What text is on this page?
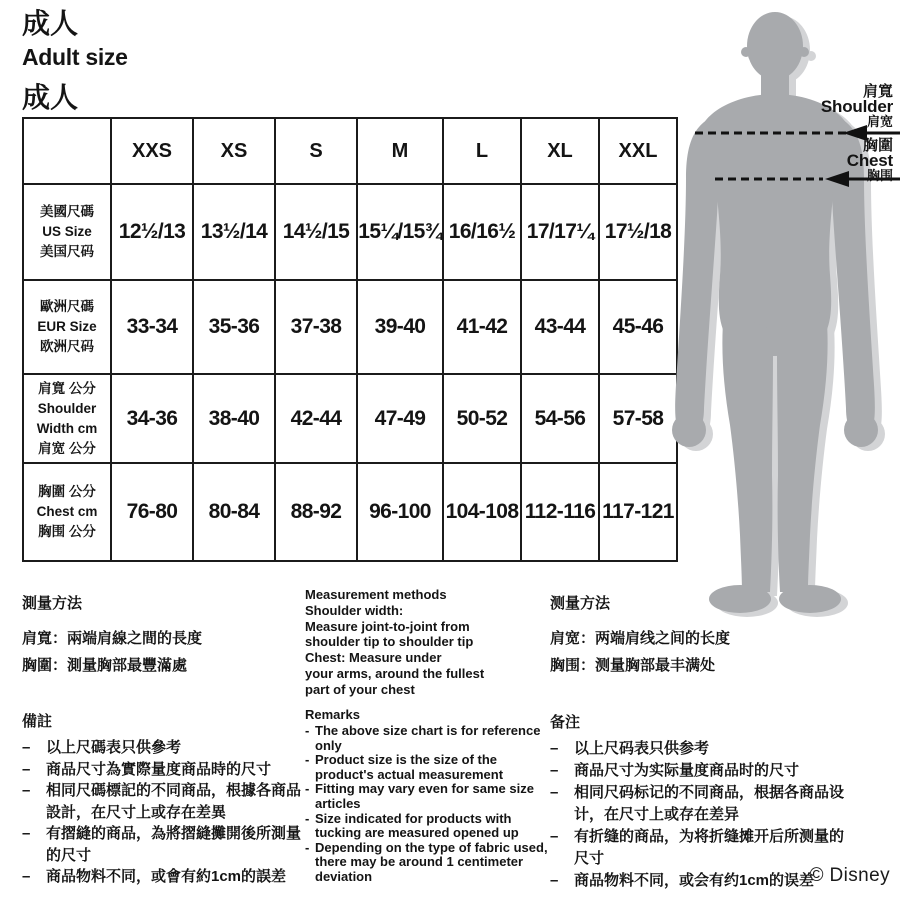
成人
Adult size
成人
	XXS	XS	S	M	L	XL	XXL

美國尺碼
US Size
美国尺码	12½/13	13½/14	14½/15	15¼/15¾	16/16½	17/17¼	17½/18

歐洲尺碼
EUR Size
欧洲尺码	33-34	35-36	37-38	39-40	41-42	43-44	45-46

肩寬 公分
Shoulder Width cm
肩宽 公分	34-36	38-40	42-44	47-49	50-52	54-56	57-58

胸圍 公分
Chest cm
胸围 公分	76-80	80-84	88-92	96-100	104-108	112-116	117-121
肩寬
Shoulder
肩宽
胸圍
Chest
胸围
測量方法
肩寬：兩端肩線之間的長度
胸圍：測量胸部最豐滿處
Measurement methods
Shoulder width:
Measure joint-to-joint from
shoulder tip to shoulder tip
Chest: Measure under
your arms, around the fullest
part of your chest
测量方法
肩宽：两端肩线之间的长度
胸围：测量胸部最丰满处
備註
–	以上尺碼表只供參考
–	商品尺寸為實際量度商品時的尺寸
–	相同尺碼標記的不同商品，根據各商品設計，在尺寸上或存在差異
–	有摺縫的商品，為將摺縫攤開後所測量的尺寸
–	商品物料不同，或會有約1cm的誤差
Remarks
- The above size chart is for reference only
- Product size is the size of the product's actual measurement
- Fitting may vary even for same size articles
- Size indicated for products with tucking are measured opened up
- Depending on the type of fabric used, there may be around 1 centimeter deviation
备注
–	以上尺码表只供参考
–	商品尺寸为实际量度商品时的尺寸
–	相同尺码标记的不同商品，根据各商品设计，在尺寸上或存在差异
–	有折缝的商品，为将折缝摊开后所测量的尺寸
–	商品物料不同，或会有约1cm的误差
© Disney
